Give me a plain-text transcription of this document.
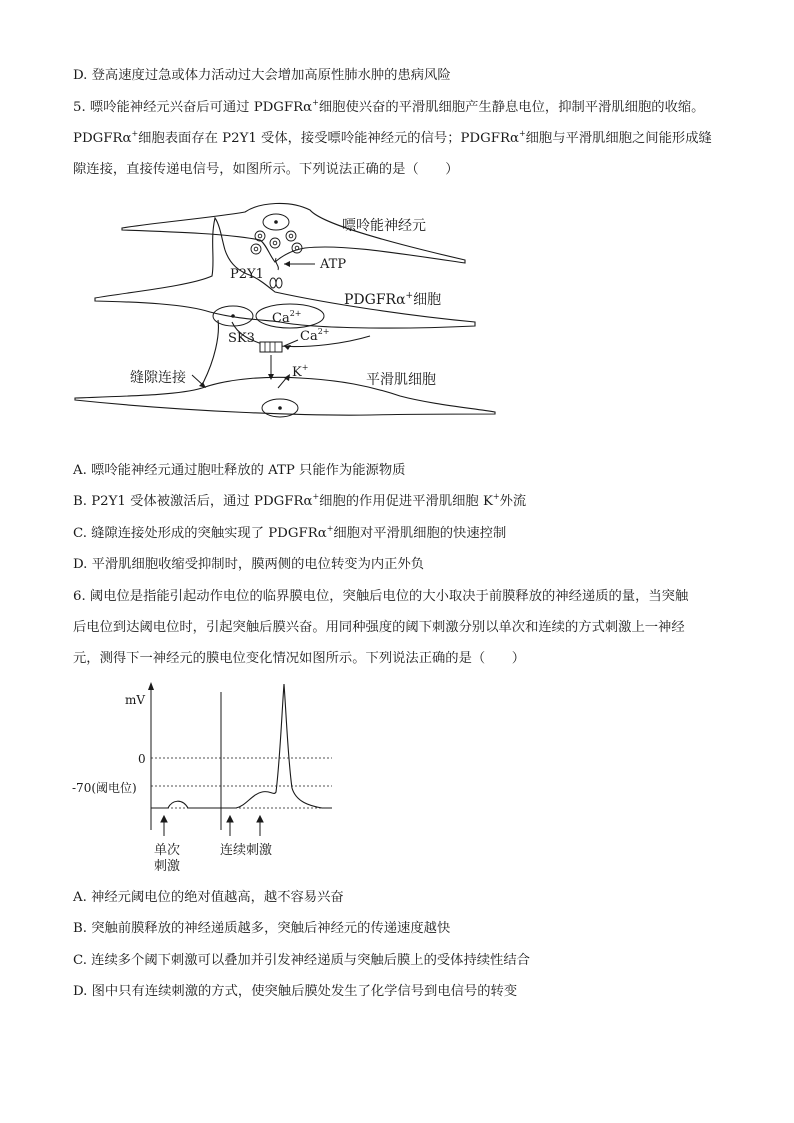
D. 登高速度过急或体力活动过大会增加高原性肺水肿的患病风险
5. 嘌呤能神经元兴奋后可通过 PDGFRα+细胞使兴奋的平滑肌细胞产生静息电位，抑制平滑肌细胞的收缩。
PDGFRα+细胞表面存在 P2Y1 受体，接受嘌呤能神经元的信号；PDGFRα+细胞与平滑肌细胞之间能形成缝
隙连接，直接传递电信号，如图所示。下列说法正确的是（　　）
$Ca^{2+}$
P2Y1
ATP
SK3	$Ca^{2+}$
K+
缝隙连接
嘌呤能神经元
PDGFRα+细胞
平滑肌细胞
A. 嘌呤能神经元通过胞吐释放的 ATP 只能作为能源物质
B. P2Y1 受体被激活后，通过 PDGFRα+细胞的作用促进平滑肌细胞 K+外流
C. 缝隙连接处形成的突触实现了 PDGFRα+细胞对平滑肌细胞的快速控制
D. 平滑肌细胞收缩受抑制时，膜两侧的电位转变为内正外负
6. 阈电位是指能引起动作电位的临界膜电位，突触后电位的大小取决于前膜释放的神经递质的量，当突触
后电位到达阈电位时，引起突触后膜兴奋。用同种强度的阈下刺激分别以单次和连续的方式刺激上一神经
元，测得下一神经元的膜电位变化情况如图所示。下列说法正确的是（　　）
mV
0
-70(阈电位)
单次
刺激
连续刺激
A. 神经元阈电位的绝对值越高，越不容易兴奋
B. 突触前膜释放的神经递质越多，突触后神经元的传递速度越快
C. 连续多个阈下刺激可以叠加并引发神经递质与突触后膜上的受体持续性结合
D. 图中只有连续刺激的方式，使突触后膜处发生了化学信号到电信号的转变
